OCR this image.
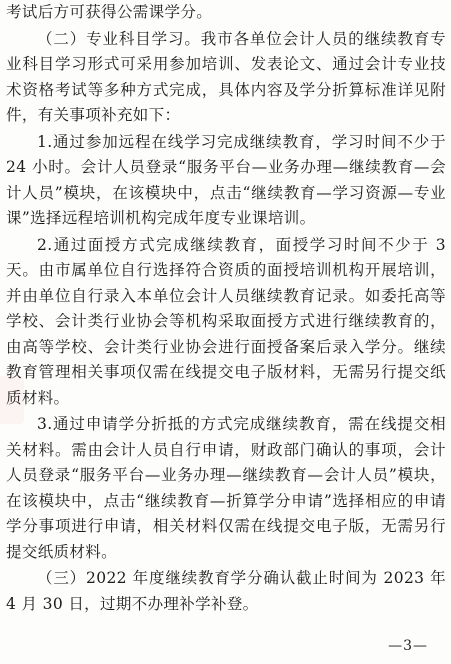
考试后方可获得公需课学分。

（二）专业科目学习。我市各单位会计人员的继续教育专业科目学习形式可采用参加培训、发表论文、通过会计专业技术资格考试等多种方式完成，具体内容及学分折算标准详见附件，有关事项补充如下：

1.通过参加远程在线学习完成继续教育，学习时间不少于 24 小时。会计人员登录“服务平台—业务办理—继续教育—会计人员”模块，在该模块中，点击“继续教育—学习资源—专业课”选择远程培训机构完成年度专业课培训。

2.通过面授方式完成继续教育，面授学习时间不少于 3 天。由市属单位自行选择符合资质的面授培训机构开展培训，并由单位自行录入本单位会计人员继续教育记录。如委托高等学校、会计类行业协会等机构采取面授方式进行继续教育的，由高等学校、会计类行业协会进行面授备案后录入学分。继续教育管理相关事项仅需在线提交电子版材料，无需另行提交纸质材料。

3.通过申请学分折抵的方式完成继续教育，需在线提交相关材料。需由会计人员自行申请，财政部门确认的事项，会计人员登录“服务平台—业务办理—继续教育—会计人员”模块，在该模块中，点击“继续教育—折算学分申请”选择相应的申请学分事项进行申请，相关材料仅需在线提交电子版，无需另行提交纸质材料。

（三）2022 年度继续教育学分确认截止时间为 2023 年 4 月 30 日，过期不办理补学补登。

—3—
